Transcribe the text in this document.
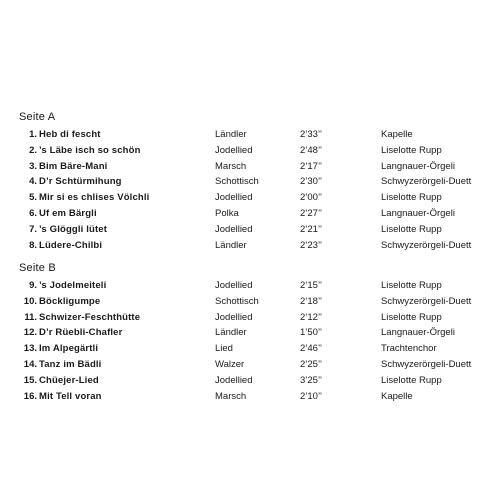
Seite A
1. Heb di fescht	Ländler	2’33’’	Kapelle
2. ’s Läbe isch so schön	Jodellied	2’48’’	Liselotte Rupp
3. Bim Bäre-Mani	Marsch	2’17’’	Langnauer-Örgeli
4. D’r Schtürmihung	Schottisch	2’30’’	Schwyzerörgeli-Duett
5. Mir si es chlises Völchli	Jodellied	2’00’’	Liselotte Rupp
6. Uf em Bärgli	Polka	2’27’’	Langnauer-Örgeli
7. ’s Glöggli lütet	Jodellied	2’21’’	Liselotte Rupp
8. Lüdere-Chilbi	Ländler	2’23’’	Schwyzerörgeli-Duett
Seite B
9. ’s Jodelmeiteli	Jodellied	2’15’’	Liselotte Rupp
10. Böckligumpe	Schottisch	2’18’’	Schwyzerörgeli-Duett
11. Schwizer-Feschthütte	Jodellied	2’12’’	Liselotte Rupp
12. D’r Rüebli-Chafler	Ländler	1’50’’	Langnauer-Örgeli
13. Im Alpegärtli	Lied	2’46’’	Trachtenchor
14. Tanz im Bädli	Walzer	2’25’’	Schwyzerörgeli-Duett
15. Chüejer-Lied	Jodellied	3’25’’	Liselotte Rupp
16. Mit Tell voran	Marsch	2’10’’	Kapelle
